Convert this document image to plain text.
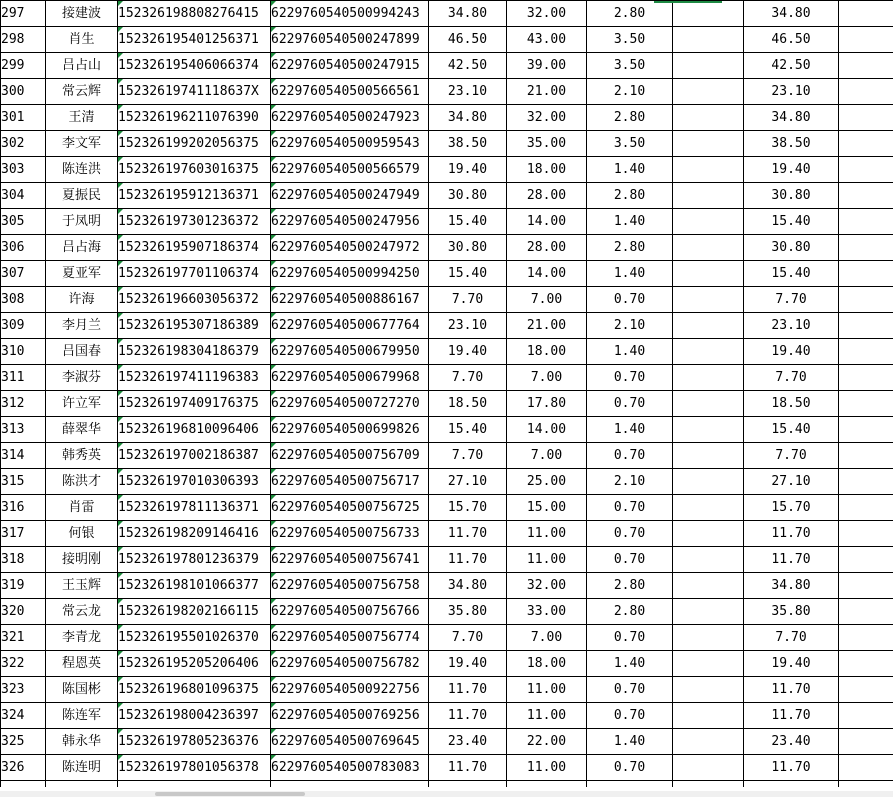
297	接建波	152326198808276415	6229760540500994243	34.80	32.00	2.80		34.80	
298	肖生	152326195401256371	6229760540500247899	46.50	43.00	3.50		46.50	
299	吕占山	152326195406066374	6229760540500247915	42.50	39.00	3.50		42.50	
300	常云辉	15232619741118637X	6229760540500566561	23.10	21.00	2.10		23.10	
301	王清	152326196211076390	6229760540500247923	34.80	32.00	2.80		34.80	
302	李文军	152326199202056375	6229760540500959543	38.50	35.00	3.50		38.50	
303	陈连洪	152326197603016375	6229760540500566579	19.40	18.00	1.40		19.40	
304	夏振民	152326195912136371	6229760540500247949	30.80	28.00	2.80		30.80	
305	于凤明	152326197301236372	6229760540500247956	15.40	14.00	1.40		15.40	
306	吕占海	152326195907186374	6229760540500247972	30.80	28.00	2.80		30.80	
307	夏亚军	152326197701106374	6229760540500994250	15.40	14.00	1.40		15.40	
308	许海	152326196603056372	6229760540500886167	7.70	7.00	0.70		7.70	
309	李月兰	152326195307186389	6229760540500677764	23.10	21.00	2.10		23.10	
310	吕国春	152326198304186379	6229760540500679950	19.40	18.00	1.40		19.40	
311	李淑芬	152326197411196383	6229760540500679968	7.70	7.00	0.70		7.70	
312	许立军	152326197409176375	6229760540500727270	18.50	17.80	0.70		18.50	
313	薛翠华	152326196810096406	6229760540500699826	15.40	14.00	1.40		15.40	
314	韩秀英	152326197002186387	6229760540500756709	7.70	7.00	0.70		7.70	
315	陈洪才	152326197010306393	6229760540500756717	27.10	25.00	2.10		27.10	
316	肖雷	152326197811136371	6229760540500756725	15.70	15.00	0.70		15.70	
317	何银	152326198209146416	6229760540500756733	11.70	11.00	0.70		11.70	
318	接明刚	152326197801236379	6229760540500756741	11.70	11.00	0.70		11.70	
319	王玉辉	152326198101066377	6229760540500756758	34.80	32.00	2.80		34.80	
320	常云龙	152326198202166115	6229760540500756766	35.80	33.00	2.80		35.80	
321	李青龙	152326195501026370	6229760540500756774	7.70	7.00	0.70		7.70	
322	程恩英	152326195205206406	6229760540500756782	19.40	18.00	1.40		19.40	
323	陈国彬	152326196801096375	6229760540500922756	11.70	11.00	0.70		11.70	
324	陈连军	152326198004236397	6229760540500769256	11.70	11.00	0.70		11.70	
325	韩永华	152326197805236376	6229760540500769645	23.40	22.00	1.40		23.40	
326	陈连明	152326197801056378	6229760540500783083	11.70	11.00	0.70		11.70	
